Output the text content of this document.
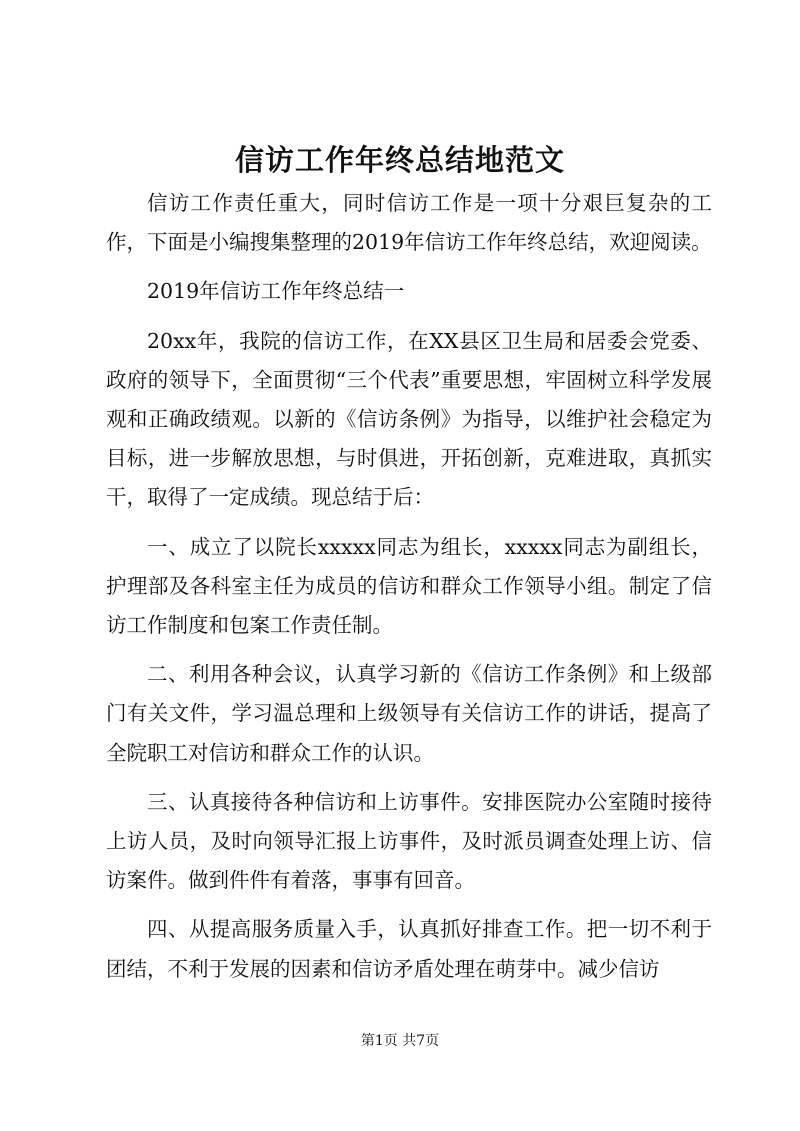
信访工作年终总结地范文

信访工作责任重大，同时信访工作是一项十分艰巨复杂的工作，下面是小编搜集整理的2019年信访工作年终总结，欢迎阅读。

2019年信访工作年终总结一

20xx年，我院的信访工作，在XX县区卫生局和居委会党委、政府的领导下，全面贯彻“三个代表”重要思想，牢固树立科学发展观和正确政绩观。以新的《信访条例》为指导，以维护社会稳定为目标，进一步解放思想，与时俱进，开拓创新，克难进取，真抓实干，取得了一定成绩。现总结于后：

一、成立了以院长xxxxx同志为组长，xxxxx同志为副组长，护理部及各科室主任为成员的信访和群众工作领导小组。制定了信访工作制度和包案工作责任制。

二、利用各种会议，认真学习新的《信访工作条例》和上级部门有关文件，学习温总理和上级领导有关信访工作的讲话，提高了全院职工对信访和群众工作的认识。

三、认真接待各种信访和上访事件。安排医院办公室随时接待上访人员，及时向领导汇报上访事件，及时派员调查处理上访、信访案件。做到件件有着落，事事有回音。

四、从提高服务质量入手，认真抓好排查工作。把一切不利于团结，不利于发展的因素和信访矛盾处理在萌芽中。减少信访

第1页 共7页
